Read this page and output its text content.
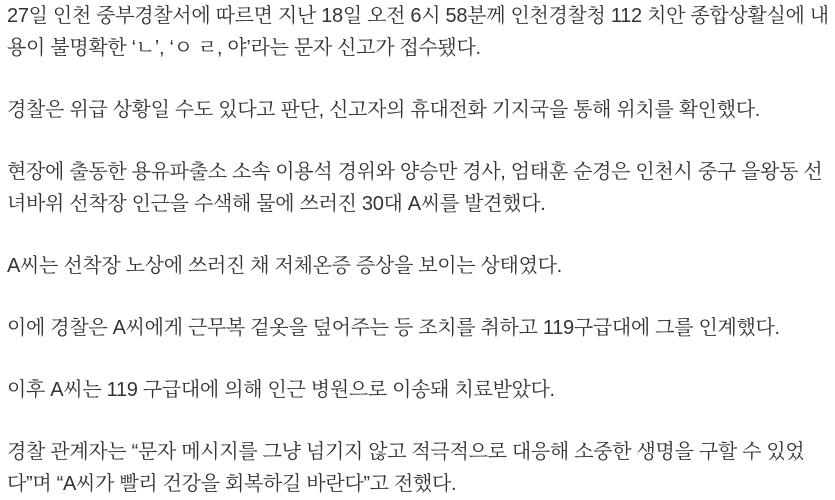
27일 인천 중부경찰서에 따르면 지난 18일 오전 6시 58분께 인천경찰청 112 치안 종합상활실에 내용이 불명확한 ‘ㄴ’, ‘ㅇ ㄹ, 야’라는 문자 신고가 접수됐다.

경찰은 위급 상황일 수도 있다고 판단, 신고자의 휴대전화 기지국을 통해 위치를 확인했다.

현장에 출동한 용유파출소 소속 이용석 경위와 양승만 경사, 엄태훈 순경은 인천시 중구 을왕동 선녀바위 선착장 인근을 수색해 물에 쓰러진 30대 A씨를 발견했다.

A씨는 선착장 노상에 쓰러진 채 저체온증 증상을 보이는 상태였다.

이에 경찰은 A씨에게 근무복 겉옷을 덮어주는 등 조치를 취하고 119구급대에 그를 인계했다.

이후 A씨는 119 구급대에 의해 인근 병원으로 이송돼 치료받았다.

경찰 관계자는 “문자 메시지를 그냥 넘기지 않고 적극적으로 대응해 소중한 생명을 구할 수 있었다”며 “A씨가 빨리 건강을 회복하길 바란다”고 전했다.
